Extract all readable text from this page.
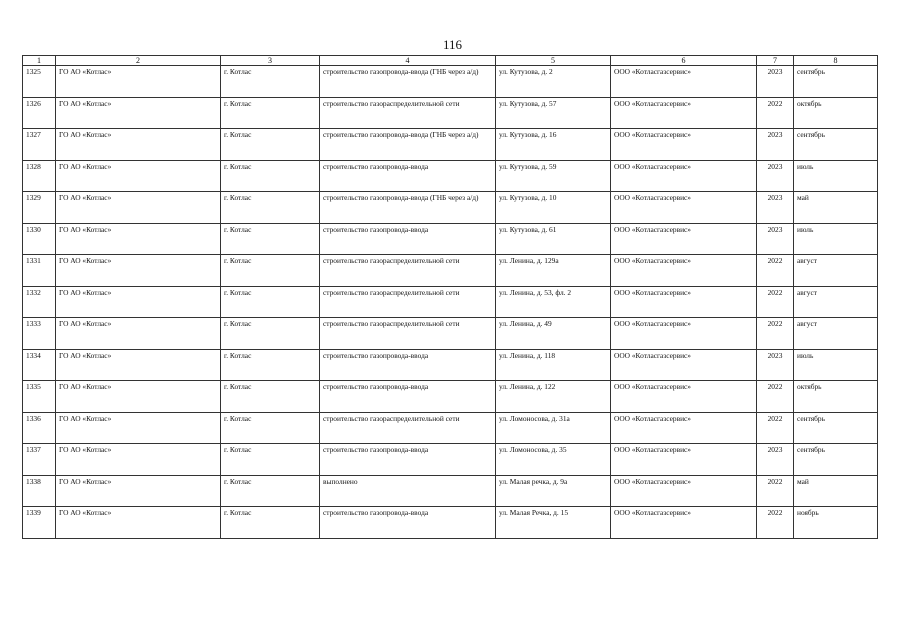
116
1	2	3	4	5	6	7	8
1325	ГО АО «Котлас»	г. Котлас	строительство газопровода-ввода (ГНБ через а/д)	ул. Кутузова, д. 2	ООО «Котласгазсервис»	2023	сентябрь
1326	ГО АО «Котлас»	г. Котлас	строительство газораспределительной сети	ул. Кутузова, д. 57	ООО «Котласгазсервис»	2022	октябрь
1327	ГО АО «Котлас»	г. Котлас	строительство газопровода-ввода (ГНБ через а/д)	ул. Кутузова, д. 16	ООО «Котласгазсервис»	2023	сентябрь
1328	ГО АО «Котлас»	г. Котлас	строительство газопровода-ввода	ул. Кутузова, д. 59	ООО «Котласгазсервис»	2023	июль
1329	ГО АО «Котлас»	г. Котлас	строительство газопровода-ввода (ГНБ через а/д)	ул. Кутузова, д. 10	ООО «Котласгазсервис»	2023	май
1330	ГО АО «Котлас»	г. Котлас	строительство газопровода-ввода	ул. Кутузова, д. 61	ООО «Котласгазсервис»	2023	июль
1331	ГО АО «Котлас»	г. Котлас	строительство газораспределительной сети	ул. Ленина, д. 129а	ООО «Котласгазсервис»	2022	август
1332	ГО АО «Котлас»	г. Котлас	строительство газораспределительной сети	ул. Ленина, д. 53, фл. 2	ООО «Котласгазсервис»	2022	август
1333	ГО АО «Котлас»	г. Котлас	строительство газораспределительной сети	ул. Ленина, д. 49	ООО «Котласгазсервис»	2022	август
1334	ГО АО «Котлас»	г. Котлас	строительство газопровода-ввода	ул. Ленина, д. 118	ООО «Котласгазсервис»	2023	июль
1335	ГО АО «Котлас»	г. Котлас	строительство газопровода-ввода	ул. Ленина, д. 122	ООО «Котласгазсервис»	2022	октябрь
1336	ГО АО «Котлас»	г. Котлас	строительство газораспределительной сети	ул. Ломоносова, д. 31а	ООО «Котласгазсервис»	2022	сентябрь
1337	ГО АО «Котлас»	г. Котлас	строительство газопровода-ввода	ул. Ломоносова, д. 35	ООО «Котласгазсервис»	2023	сентябрь
1338	ГО АО «Котлас»	г. Котлас	выполнено	ул. Малая речка, д. 9а	ООО «Котласгазсервис»	2022	май
1339	ГО АО «Котлас»	г. Котлас	строительство газопровода-ввода	ул. Малая Речка, д. 15	ООО «Котласгазсервис»	2022	ноябрь
